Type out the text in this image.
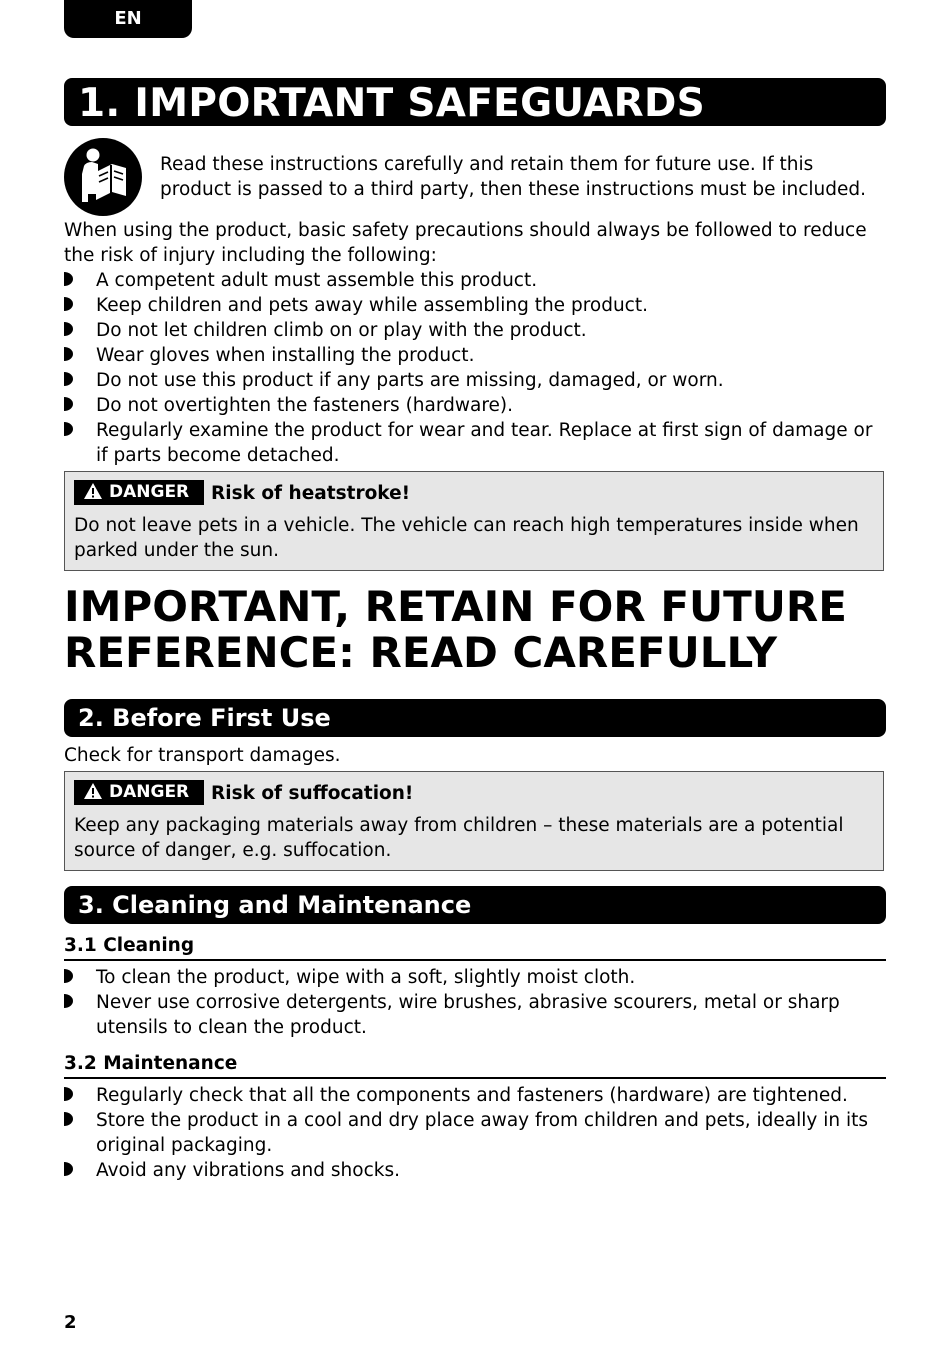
EN
1. IMPORTANT SAFEGUARDS
Read these instructions carefully and retain them for future use. If this product is passed to a third party, then these instructions must be included.
When using the product, basic safety precautions should always be followed to reduce the risk of injury including the following:
A competent adult must assemble this product.
Keep children and pets away while assembling the product.
Do not let children climb on or play with the product.
Wear gloves when installing the product.
Do not use this product if any parts are missing, damaged, or worn.
Do not overtighten the fasteners (hardware).
Regularly examine the product for wear and tear. Replace at first sign of damage or if parts become detached.
DANGER	Risk of heatstroke!
Do not leave pets in a vehicle. The vehicle can reach high temperatures inside when parked under the sun.
IMPORTANT, RETAIN FOR FUTURE
REFERENCE: READ CAREFULLY
2. Before First Use
Check for transport damages.
DANGER	Risk of suffocation!
Keep any packaging materials away from children – these materials are a potential source of danger, e.g. suffocation.
3. Cleaning and Maintenance
3.1 Cleaning
To clean the product, wipe with a soft, slightly moist cloth.
Never use corrosive detergents, wire brushes, abrasive scourers, metal or sharp utensils to clean the product.
3.2 Maintenance
Regularly check that all the components and fasteners (hardware) are tightened.
Store the product in a cool and dry place away from children and pets, ideally in its original packaging.
Avoid any vibrations and shocks.
2
